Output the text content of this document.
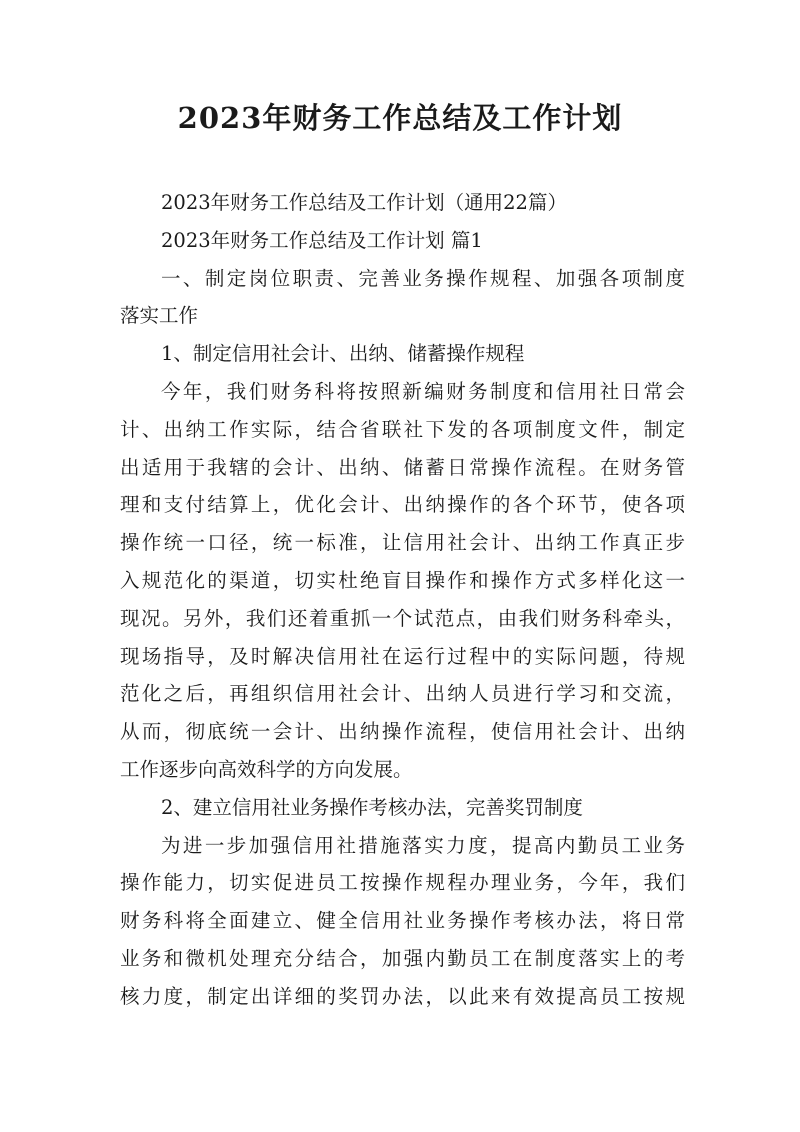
2023年财务工作总结及工作计划
2023年财务工作总结及工作计划（通用22篇）
2023年财务工作总结及工作计划 篇1
一、制定岗位职责、完善业务操作规程、加强各项制度
落实工作
1、制定信用社会计、出纳、储蓄操作规程
今年，我们财务科将按照新编财务制度和信用社日常会
计、出纳工作实际，结合省联社下发的各项制度文件，制定
出适用于我辖的会计、出纳、储蓄日常操作流程。在财务管
理和支付结算上，优化会计、出纳操作的各个环节，使各项
操作统一口径，统一标准，让信用社会计、出纳工作真正步
入规范化的渠道，切实杜绝盲目操作和操作方式多样化这一
现况。另外，我们还着重抓一个试范点，由我们财务科牵头，
现场指导，及时解决信用社在运行过程中的实际问题，待规
范化之后，再组织信用社会计、出纳人员进行学习和交流，
从而，彻底统一会计、出纳操作流程，使信用社会计、出纳
工作逐步向高效科学的方向发展。
2、建立信用社业务操作考核办法，完善奖罚制度
为进一步加强信用社措施落实力度，提高内勤员工业务
操作能力，切实促进员工按操作规程办理业务，今年，我们
财务科将全面建立、健全信用社业务操作考核办法，将日常
业务和微机处理充分结合，加强内勤员工在制度落实上的考
核力度，制定出详细的奖罚办法，以此来有效提高员工按规
